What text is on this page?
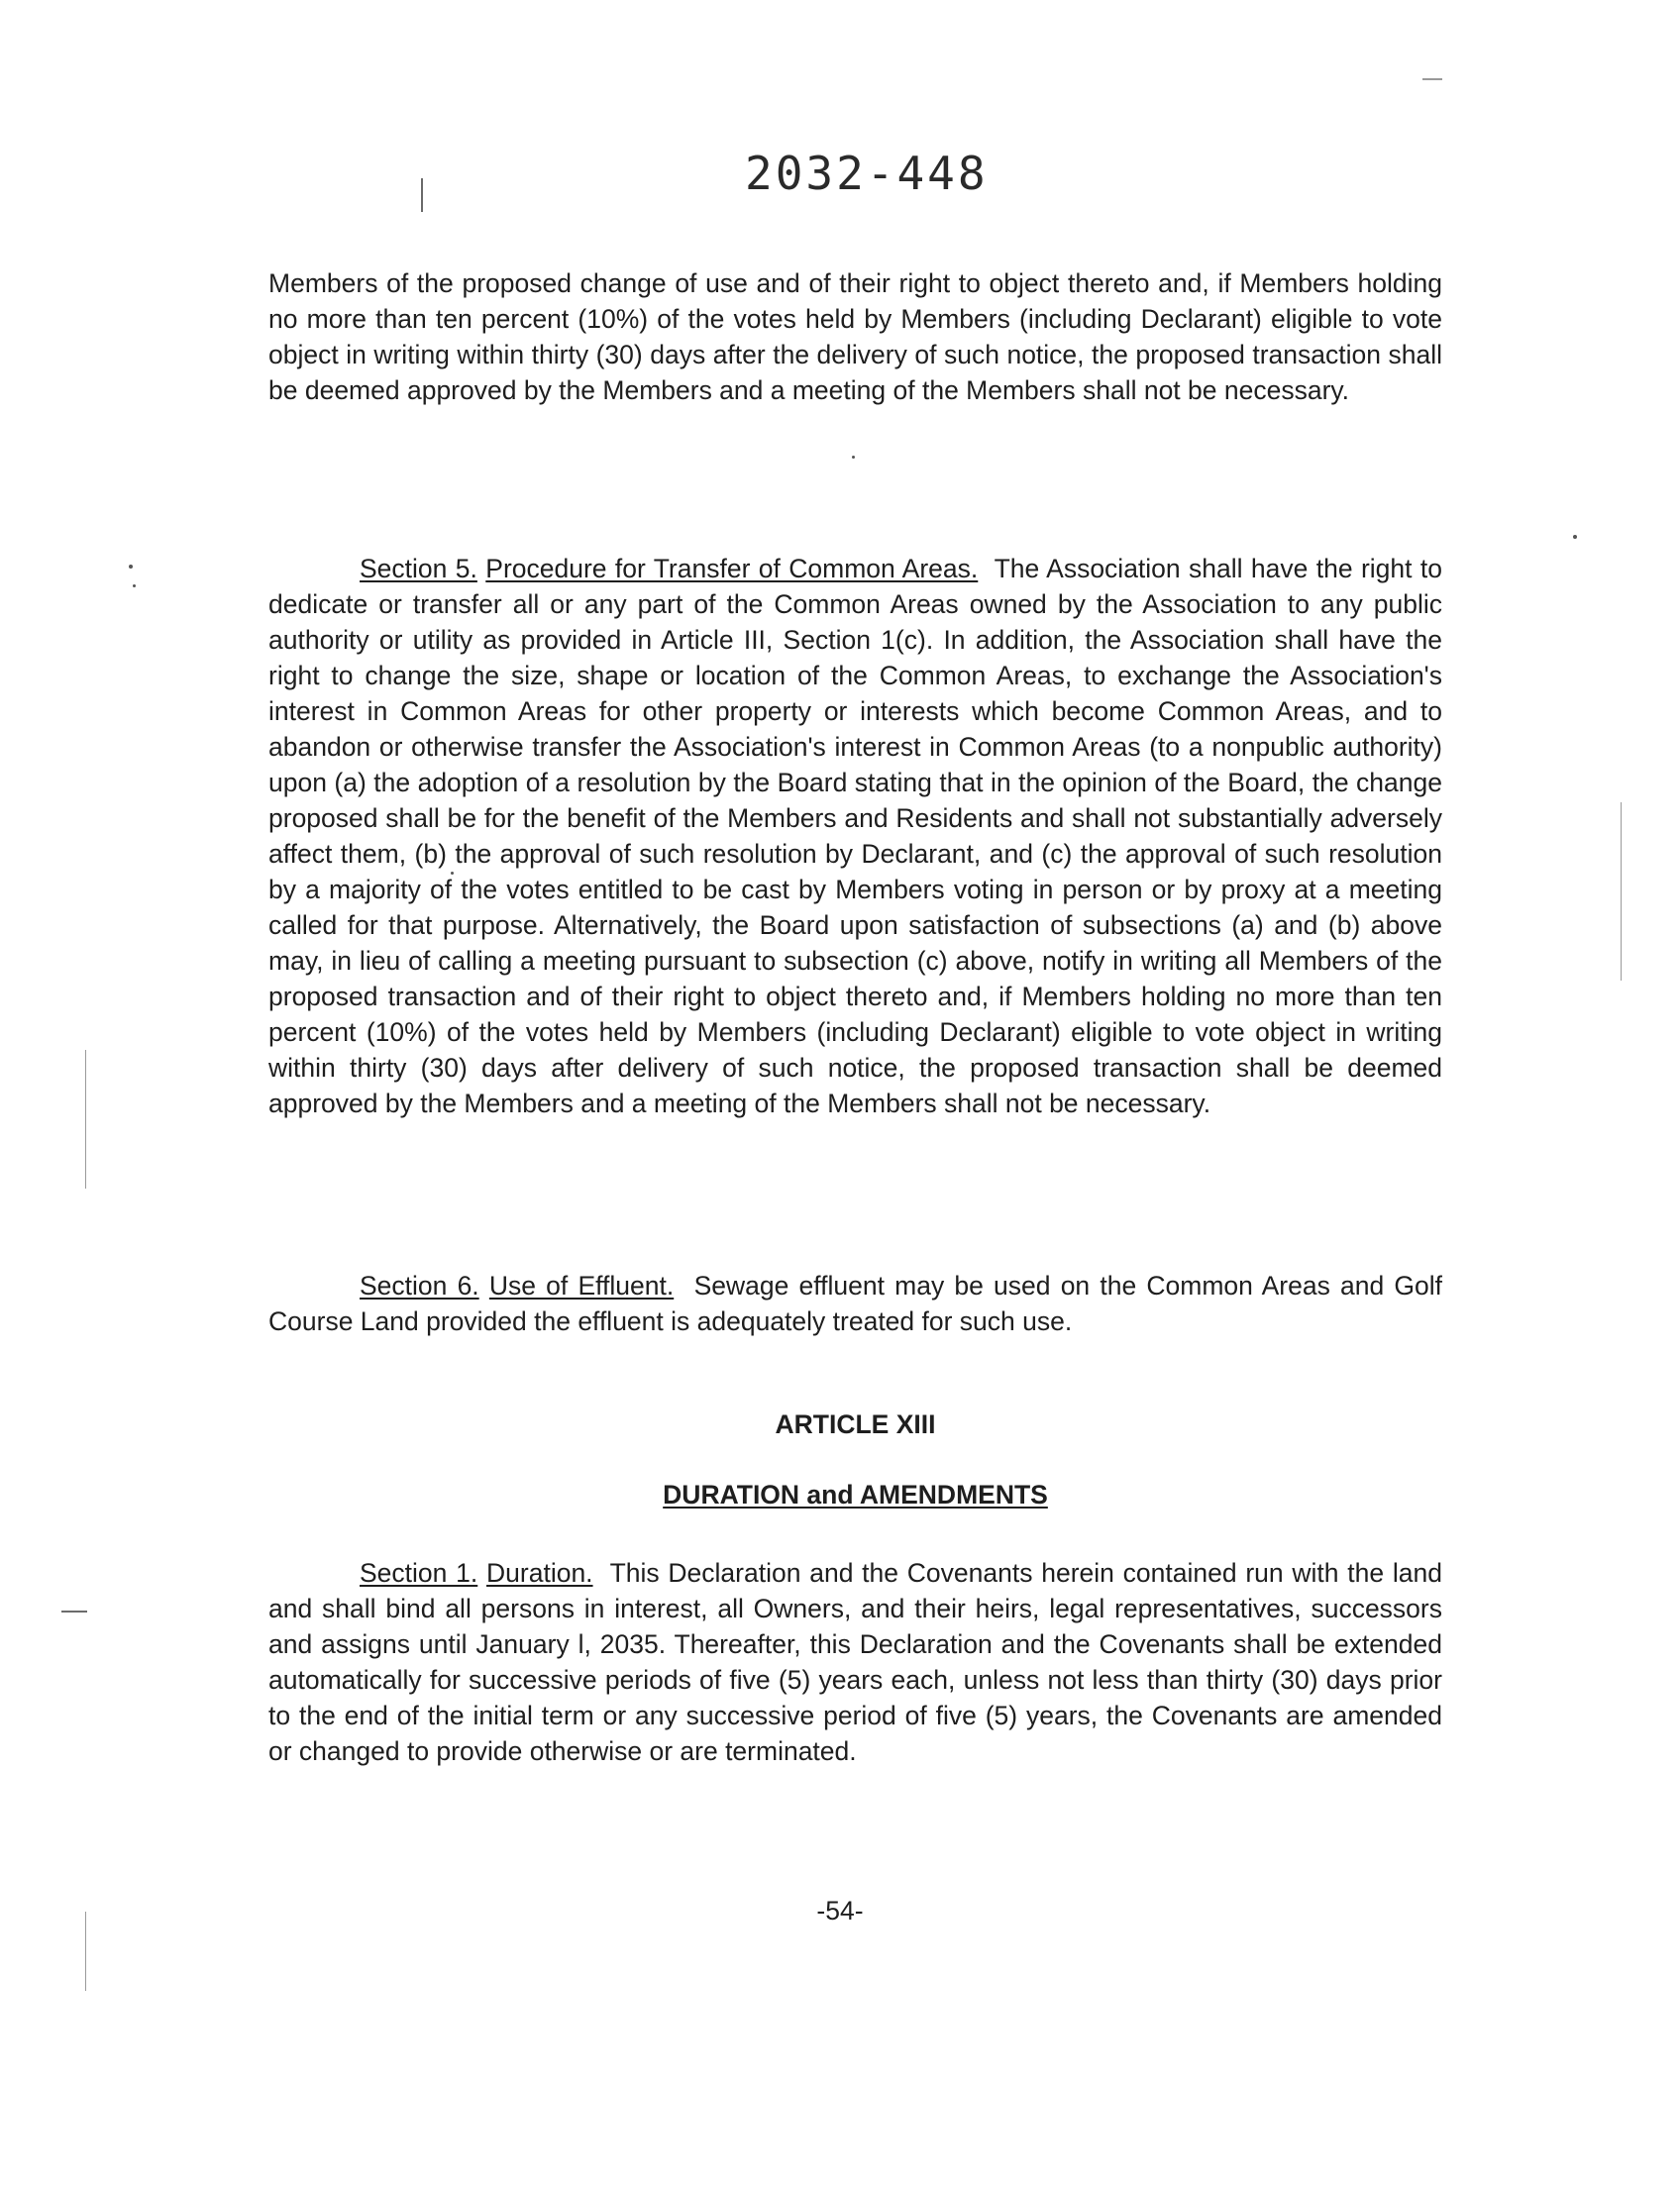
2032-448

Members of the proposed change of use and of their right to object thereto and, if Members holding no more than ten percent (10%) of the votes held by Members (including Declarant) eligible to vote object in writing within thirty (30) days after the delivery of such notice, the proposed transaction shall be deemed approved by the Members and a meeting of the Members shall not be necessary.

Section 5. Procedure for Transfer of Common Areas. The Association shall have the right to dedicate or transfer all or any part of the Common Areas owned by the Association to any public authority or utility as provided in Article III, Section 1(c). In addition, the Association shall have the right to change the size, shape or location of the Common Areas, to exchange the Association's interest in Common Areas for other property or interests which become Common Areas, and to abandon or otherwise transfer the Association's interest in Common Areas (to a nonpublic authority) upon (a) the adoption of a resolution by the Board stating that in the opinion of the Board, the change proposed shall be for the benefit of the Members and Residents and shall not substantially adversely affect them, (b) the approval of such resolution by Declarant, and (c) the approval of such resolution by a majority of the votes entitled to be cast by Members voting in person or by proxy at a meeting called for that purpose. Alternatively, the Board upon satisfaction of subsections (a) and (b) above may, in lieu of calling a meeting pursuant to subsection (c) above, notify in writing all Members of the proposed transaction and of their right to object thereto and, if Members holding no more than ten percent (10%) of the votes held by Members (including Declarant) eligible to vote object in writing within thirty (30) days after delivery of such notice, the proposed transaction shall be deemed approved by the Members and a meeting of the Members shall not be necessary.

Section 6. Use of Effluent. Sewage effluent may be used on the Common Areas and Golf Course Land provided the effluent is adequately treated for such use.

ARTICLE XIII
DURATION and AMENDMENTS

Section 1. Duration. This Declaration and the Covenants herein contained run with the land and shall bind all persons in interest, all Owners, and their heirs, legal representatives, successors and assigns until January l, 2035. Thereafter, this Declaration and the Covenants shall be extended automatically for successive periods of five (5) years each, unless not less than thirty (30) days prior to the end of the initial term or any successive period of five (5) years, the Covenants are amended or changed to provide otherwise or are terminated.

-54-
